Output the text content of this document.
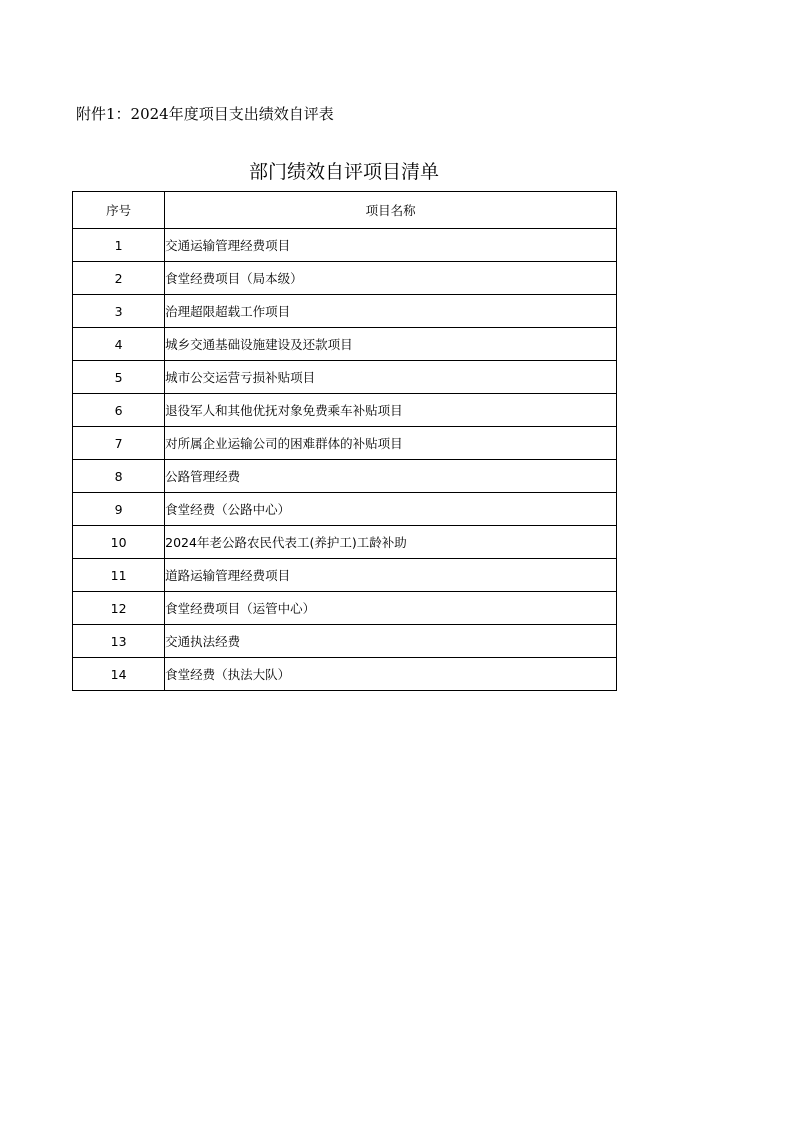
附件1：2024年度项目支出绩效自评表
部门绩效自评项目清单
序号	项目名称
1	交通运输管理经费项目
2	食堂经费项目（局本级）
3	治理超限超载工作项目
4	城乡交通基础设施建设及还款项目
5	城市公交运营亏损补贴项目
6	退役军人和其他优抚对象免费乘车补贴项目
7	对所属企业运输公司的困难群体的补贴项目
8	公路管理经费
9	食堂经费（公路中心）
10	2024年老公路农民代表工(养护工)工龄补助
11	道路运输管理经费项目
12	食堂经费项目（运管中心）
13	交通执法经费
14	食堂经费（执法大队）
